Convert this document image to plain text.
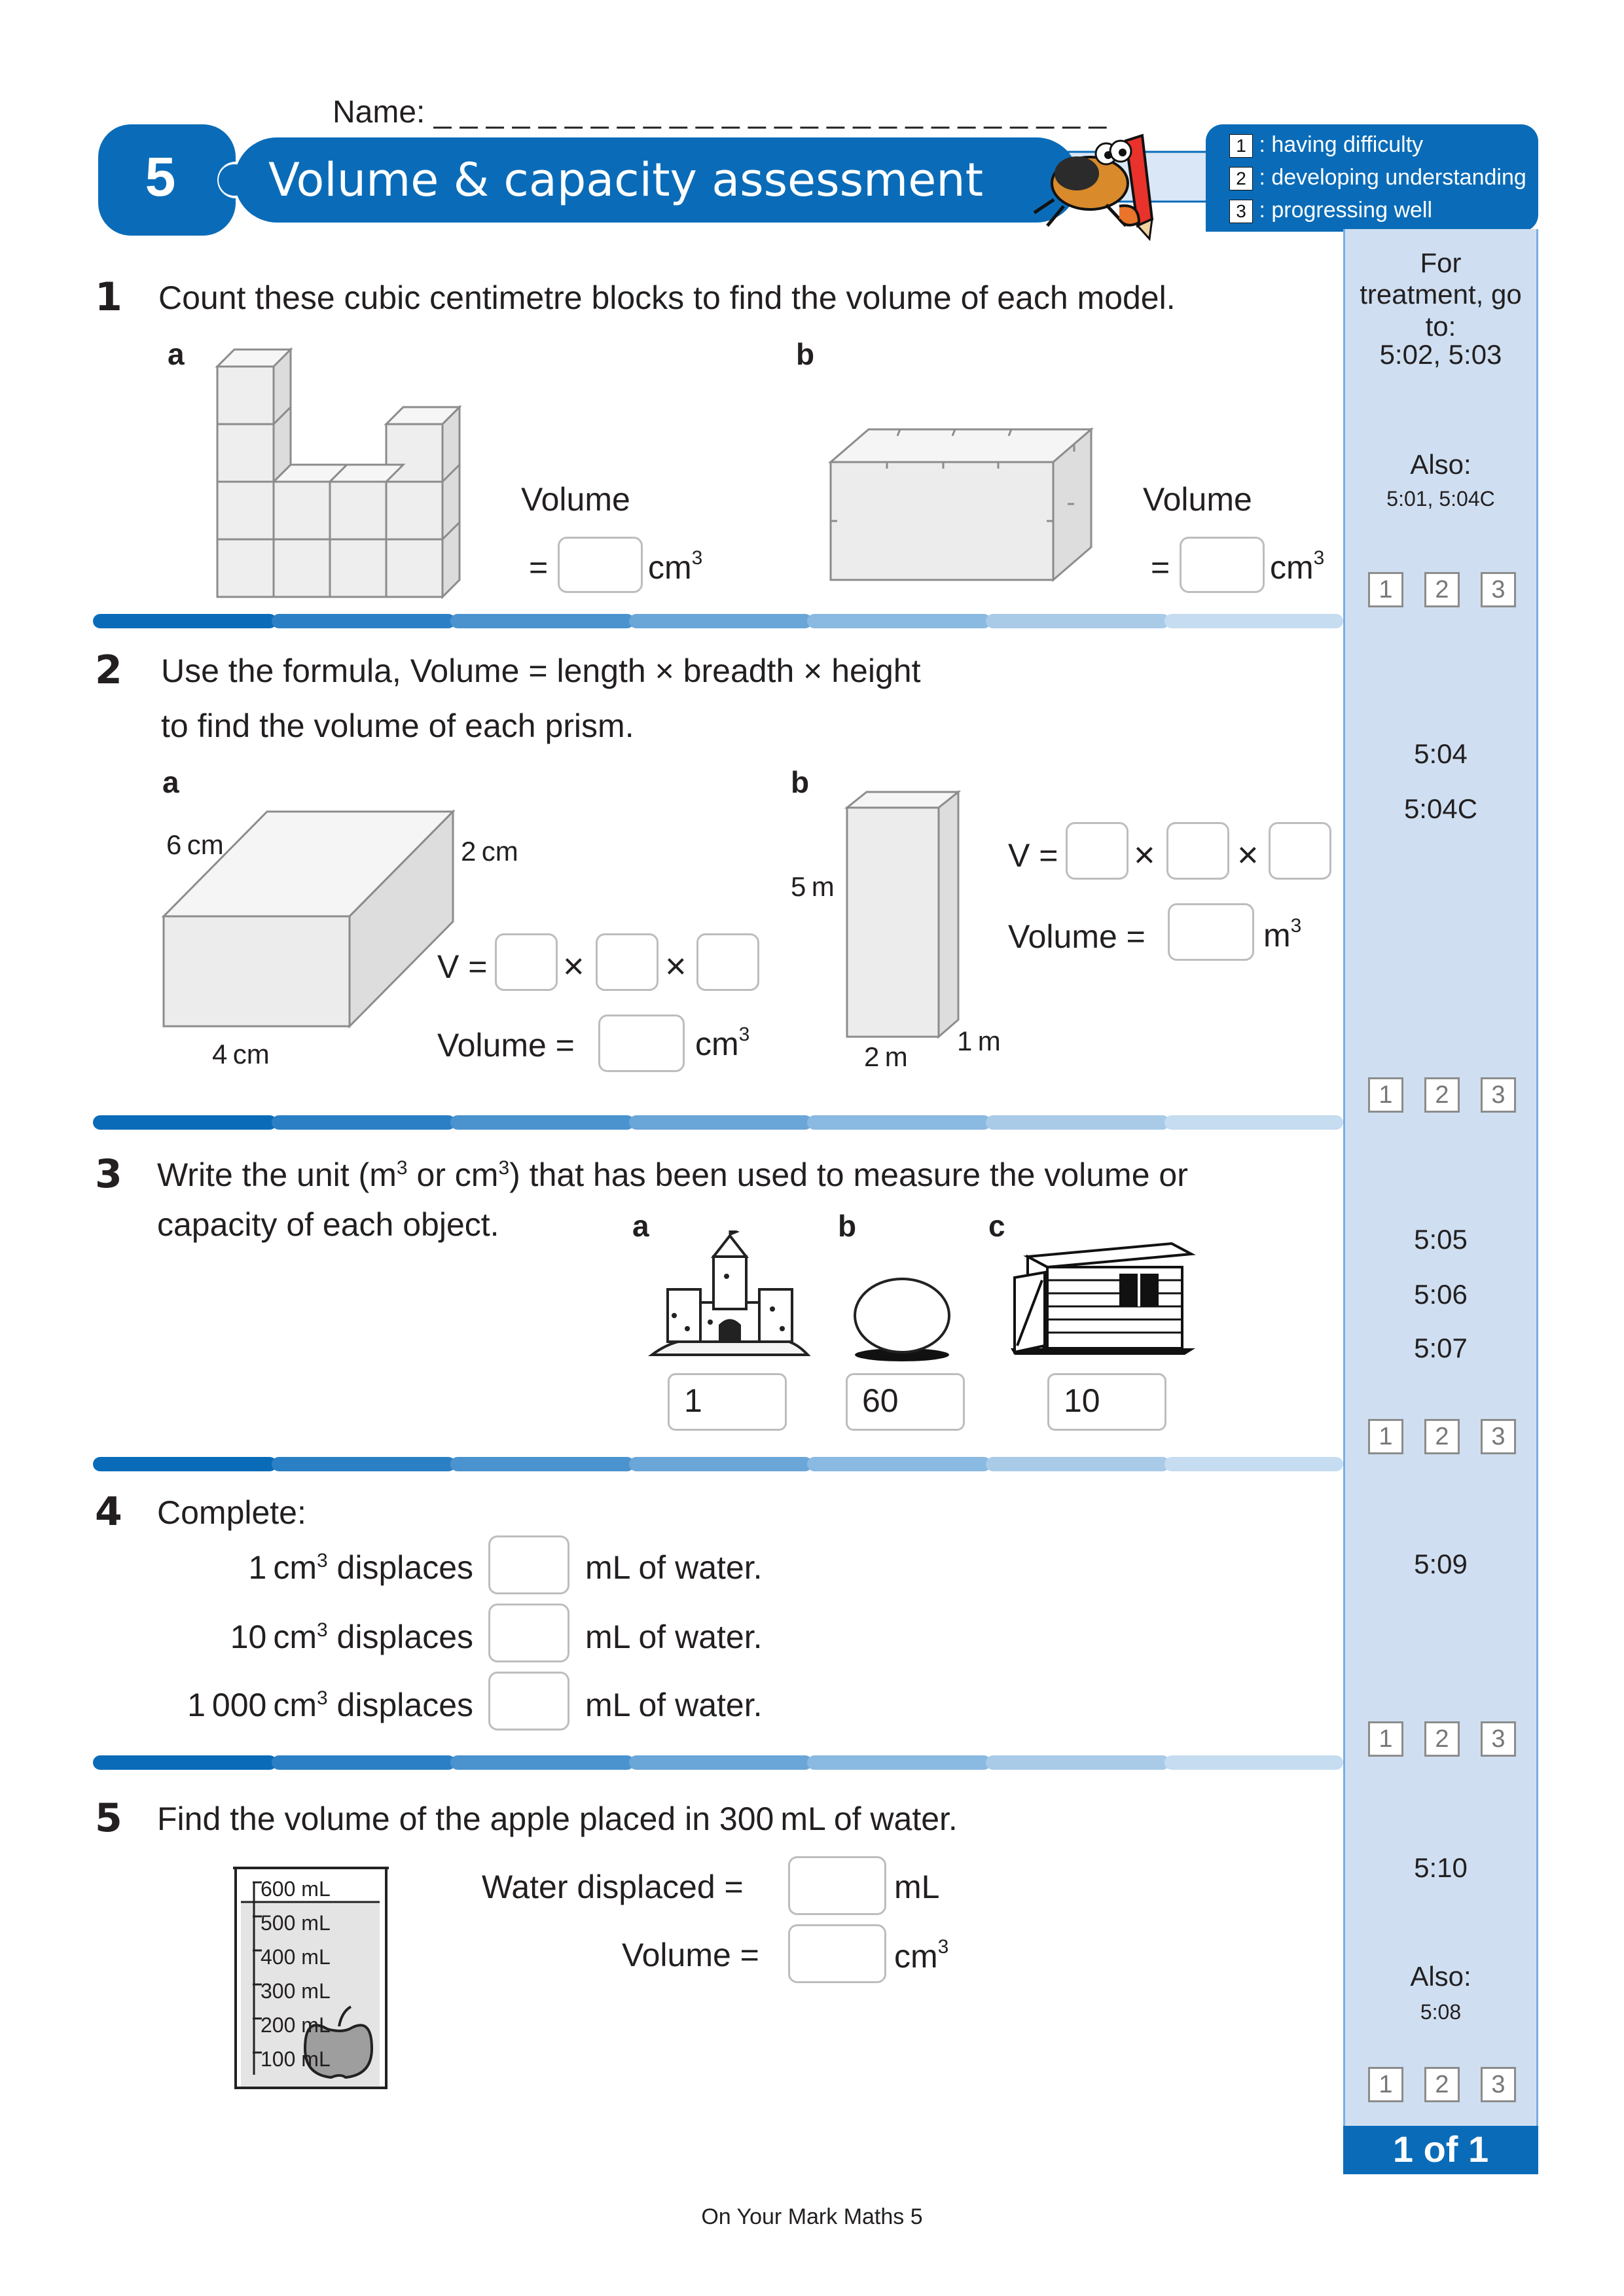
Name: _ _ _ _ _ _ _ _ _ _ _ _ _ _ _ _ _ _ _ _ _ _ _ _ _ _
5	Volume & capacity assessment
1 : having difficulty
2 : developing understanding
3 : progressing well
For treatment, go to:
5:02, 5:03
Also:
5:01, 5:04C
5:04
5:04C
5:05
5:06
5:07
5:09
5:10
Also:
5:08
1	2	3
1	2	3
1	2	3
1	2	3
1	2	3
1 of 1
1 Count these cubic centimetre blocks to find the volume of each model.
a	b
Volume
=	$cm^3$
Volume
=	$cm^3$
2 Use the formula, Volume = length × breadth × height
to find the volume of each prism.
a	b
6 cm	2 cm
4 cm
V = × ×
Volume =	$cm^3$
5 m
2 m
1 m
V = × ×
Volume =	$m^3$
3 Write the unit ($m^3$ or $cm^3$) that has been used to measure the volume or
capacity of each object.	a	b	c
1	60	10
4 Complete:
1 $cm^3$ displaces	mL of water.
10 $cm^3$ displaces	mL of water.
1 000 $cm^3$ displaces	mL of water.
5 Find the volume of the apple placed in 300 mL of water.
600 mL
500 mL
400 mL
300 mL
200 mL
100 mL
Water displaced =	mL
Volume =	$cm^3$
On Your Mark Maths 5
